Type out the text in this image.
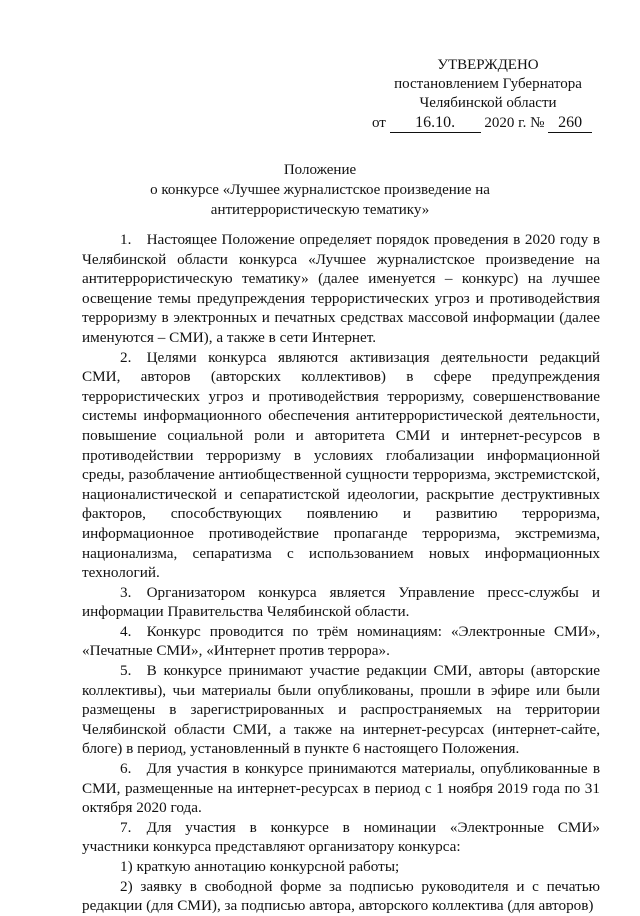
УТВЕРЖДЕНО
постановлением Губернатора
Челябинской области
от 16.10. 2020 г. № 260
Положение
о конкурсе «Лучшее журналистское произведение на
антитеррористическую тематику»

1. Настоящее Положение определяет порядок проведения в 2020 году в Челябинской области конкурса «Лучшее журналистское произведение на антитеррористическую тематику» (далее именуется – конкурс) на лучшее освещение темы предупреждения террористических угроз и противодействия терроризму в электронных и печатных средствах массовой информации (далее именуются – СМИ), а также в сети Интернет.

2. Целями конкурса являются активизация деятельности редакций СМИ, авторов (авторских коллективов) в сфере предупреждения террористических угроз и противодействия терроризму, совершенствование системы информационного обеспечения антитеррористической деятельности, повышение социальной роли и авторитета СМИ и интернет-ресурсов в противодействии терроризму в условиях глобализации информационной среды, разоблачение антиобщественной сущности терроризма, экстремистской, националистической и сепаратистской идеологии, раскрытие деструктивных факторов, способствующих появлению и развитию терроризма, информационное противодействие пропаганде терроризма, экстремизма, национализма, сепаратизма с использованием новых информационных технологий.

3. Организатором конкурса является Управление пресс-службы и информации Правительства Челябинской области.

4. Конкурс проводится по трём номинациям: «Электронные СМИ», «Печатные СМИ», «Интернет против террора».

5. В конкурсе принимают участие редакции СМИ, авторы (авторские коллективы), чьи материалы были опубликованы, прошли в эфире или были размещены в зарегистрированных и распространяемых на территории Челябинской области СМИ, а также на интернет-ресурсах (интернет-сайте, блоге) в период, установленный в пункте 6 настоящего Положения.

6. Для участия в конкурсе принимаются материалы, опубликованные в СМИ, размещенные на интернет-ресурсах в период с 1 ноября 2019 года по 31 октября 2020 года.

7. Для участия в конкурсе в номинации «Электронные СМИ» участники конкурса представляют организатору конкурса:

1) краткую аннотацию конкурсной работы;

2) заявку в свободной форме за подписью руководителя и с печатью редакции (для СМИ), за подписью автора, авторского коллектива (для авторов)
